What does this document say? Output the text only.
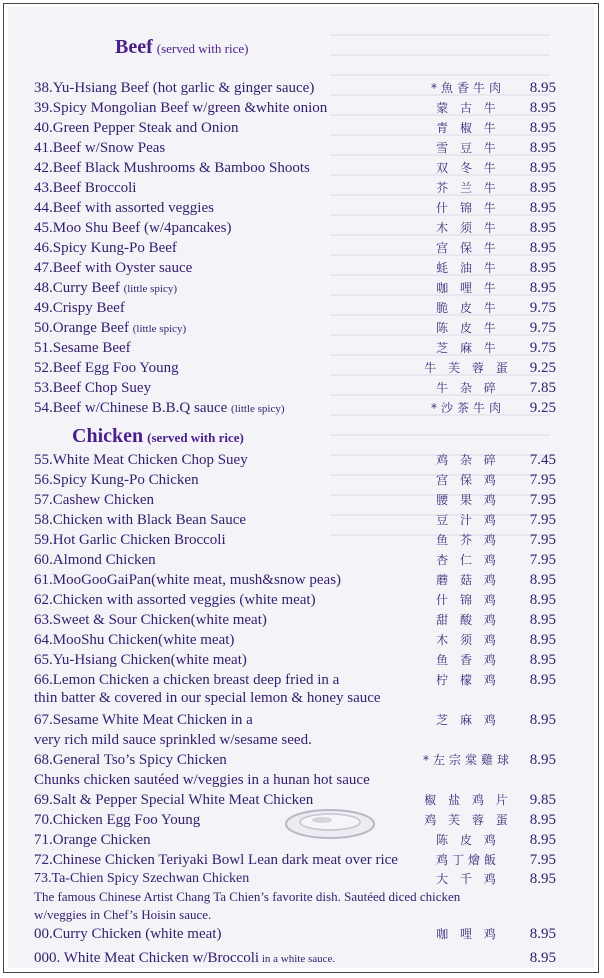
Beef (served with rice)
38.Yu-Hsiang Beef (hot garlic & ginger sauce)	*魚香牛肉	8.95
39.Spicy Mongolian Beef w/green &white onion	蒙 古 牛	8.95
40.Green Pepper Steak and Onion	青 椒 牛	8.95
41.Beef w/Snow Peas	雪 豆 牛	8.95
42.Beef Black Mushrooms & Bamboo Shoots	双 冬 牛	8.95
43.Beef Broccoli	芥 兰 牛	8.95
44.Beef with assorted veggies	什 锦 牛	8.95
45.Moo Shu Beef (w/4pancakes)	木 须 牛	8.95
46.Spicy Kung-Po Beef	宫 保 牛	8.95
47.Beef with Oyster sauce	蚝 油 牛	8.95
48.Curry Beef (little spicy)	咖 哩 牛	8.95
49.Crispy Beef	脆 皮 牛	9.75
50.Orange Beef (little spicy)	陈 皮 牛	9.75
51.Sesame Beef	芝 麻 牛	9.75
52.Beef Egg Foo Young	牛 芙 蓉 蛋 9.25
53.Beef Chop Suey	牛 杂 碎	7.85
54.Beef w/Chinese B.B.Q sauce (little spicy)	*沙茶牛肉	9.25
Chicken (served with rice)
55.White Meat Chicken Chop Suey	鸡 杂 碎	7.45
56.Spicy Kung-Po Chicken	宫 保 鸡	7.95
57.Cashew Chicken	腰 果 鸡	7.95
58.Chicken with Black Bean Sauce	豆 汁 鸡	7.95
59.Hot Garlic Chicken Broccoli	鱼 芥 鸡	7.95
60.Almond Chicken	杏 仁 鸡	7.95
61.MooGooGaiPan(white meat, mush&snow peas)	蘑 菇 鸡	8.95
62.Chicken with assorted veggies (white meat)	什 锦 鸡	8.95
63.Sweet & Sour Chicken(white meat)	甜 酸 鸡	8.95
64.MooShu Chicken(white meat)	木 须 鸡	8.95
65.Yu-Hsiang Chicken(white meat)	鱼 香 鸡	8.95
66.Lemon Chicken a chicken breast deep fried in a	柠 檬 鸡	8.95
thin batter & covered in our special lemon & honey sauce
67.Sesame White Meat Chicken in a	芝 麻 鸡	8.95
very rich mild sauce sprinkled w/sesame seed.
68.General Tso’s Spicy Chicken	*左宗棠雞球 8.95
Chunks chicken sautéed w/veggies in a hunan hot sauce
69.Salt & Pepper Special White Meat Chicken	椒 盐 鸡 片 9.85
70.Chicken Egg Foo Young	鸡 芙 蓉 蛋 8.95
71.Orange Chicken	陈 皮 鸡	8.95
72.Chinese Chicken Teriyaki Bowl Lean dark meat over rice	鸡丁燴飯	7.95
73.Ta-Chien Spicy Szechwan Chicken	大 千 鸡	8.95
The famous Chinese Artist Chang Ta Chien’s favorite dish. Sautéed diced chicken
w/veggies in Chef’s Hoisin sauce.
00.Curry Chicken (white meat)	咖 哩 鸡	8.95
000. White Meat Chicken w/Broccoli in a white sauce.	8.95
